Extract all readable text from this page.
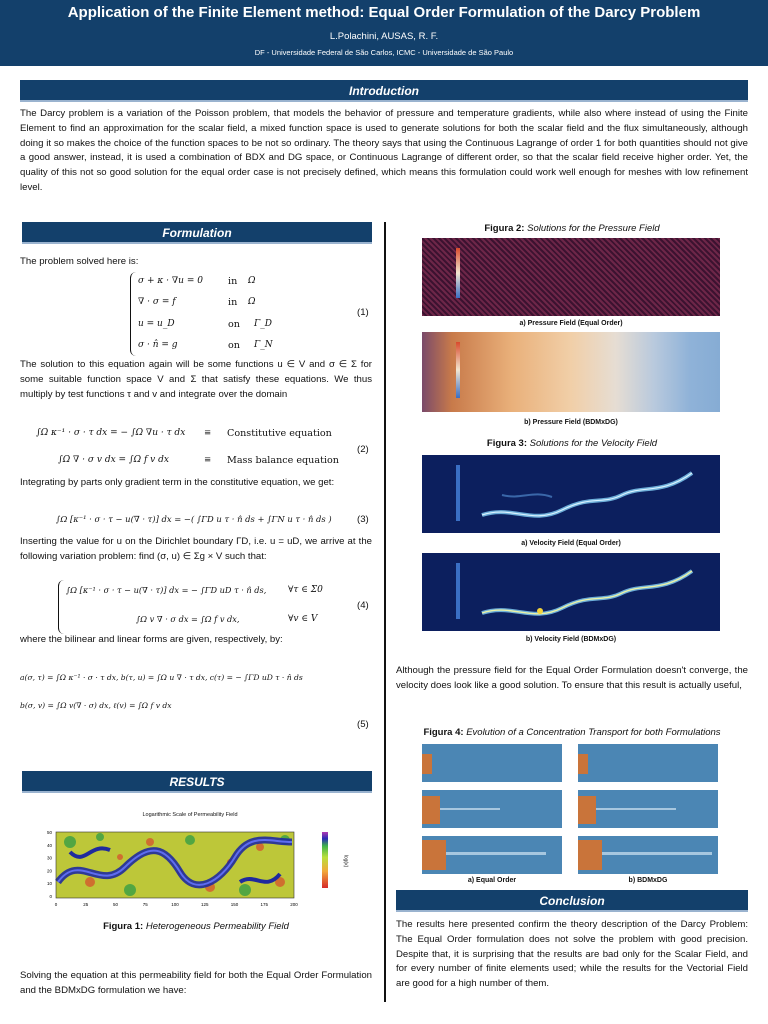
Application of the Finite Element method: Equal Order Formulation of the Darcy Problem
L.Polachini, AUSAS, R. F.
DF - Universidade Federal de São Carlos, ICMC - Universidade de São Paulo
Introduction
The Darcy problem is a variation of the Poisson problem, that models the behavior of pressure and temperature gradients, while also where instead of using the Finite Element to find an approximation for the scalar field, a mixed function space is used to generate solutions for both the scalar field and the flux simultaneously, although doing it so makes the choice of the function spaces to be not so ordinary. The theory says that using the Continuous Lagrange of order 1 for both quantities should not give a good answer, instead, it is used a combination of BDX and DG space, or Continuous Lagrange of different order, so that the scalar field receive higher order. Yet, the quality of this not so good solution for the equal order case is not precisely defined, which means this formulation could work well enough for meshes with low refinement level.
Formulation
The problem solved here is:
σ + κ · ∇u = 0	in Ω
∇ · σ = f	in Ω
u = u_D	on Γ_D
σ · n̂ = g	on Γ_N
(1)
The solution to this equation again will be some functions u ∈ V and σ ∈ Σ for some suitable function space V and Σ that satisfy these equations. We thus multiply by test functions τ and v and integrate over the domain
∫Ω κ⁻¹ · σ · τ dx = − ∫Ω ∇u · τ dx ≡ Constitutive equation
∫Ω ∇ · σ v dx = ∫Ω f v dx	≡ Mass balance equation
(2)
Integrating by parts only gradient term in the constitutive equation, we get:
∫Ω [κ⁻¹ · σ · τ − u(∇ · τ)] dx = −( ∫ΓD u τ · n̂ ds + ∫ΓN u τ · n̂ ds )	(3)
Inserting the value for u on the Dirichlet boundary ΓD, i.e. u = uD, we arrive at the following variation problem: find (σ, u) ∈ Σg × V such that:
∫Ω [κ⁻¹ · σ · τ − u(∇ · τ)] dx = − ∫ΓD uD τ · n̂ ds, ∀τ ∈ Σ0
∫Ω v ∇ · σ dx = ∫Ω f v dx,	∀v ∈ V
(4)
where the bilinear and linear forms are given, respectively, by:
a(σ, τ) = ∫Ω κ⁻¹ · σ · τ dx, b(τ, u) = ∫Ω u ∇ · τ dx, c(τ) = − ∫ΓD uD τ · n̂ ds
b(σ, v) = ∫Ω v(∇ · σ) dx, ℓ(v) = ∫Ω f v dx
(5)
RESULTS
Logarithmic Scale of Permeability Field
0	25	50	75	100	125	150	175	200
50
40
30
20
10
0
log(κ)
Figura 1: Heterogeneous Permeability Field
Solving the equation at this permeability field for both the Equal Order Formulation and the BDMxDG formulation we have:
Figura 2: Solutions for the Pressure Field
a) Pressure Field (Equal Order)
b) Pressure Field (BDMxDG)
Figura 3: Solutions for the Velocity Field
a) Velocity Field (Equal Order)
b) Velocity Field (BDMxDG)
Although the pressure field for the Equal Order Formulation doesn't converge, the velocity does look like a good solution. To ensure that this result is actually useful,
Figura 4: Evolution of a Concentration Transport for both Formulations
a) Equal Order	b) BDMxDG
Conclusion
The results here presented confirm the theory description of the Darcy Problem: The Equal Order formulation does not solve the problem with good precision. Despite that, it is surprising that the results are bad only for the Scalar Field, and for every number of finite elements used; while the results for the Vectorial Field are good for a high number of them.
